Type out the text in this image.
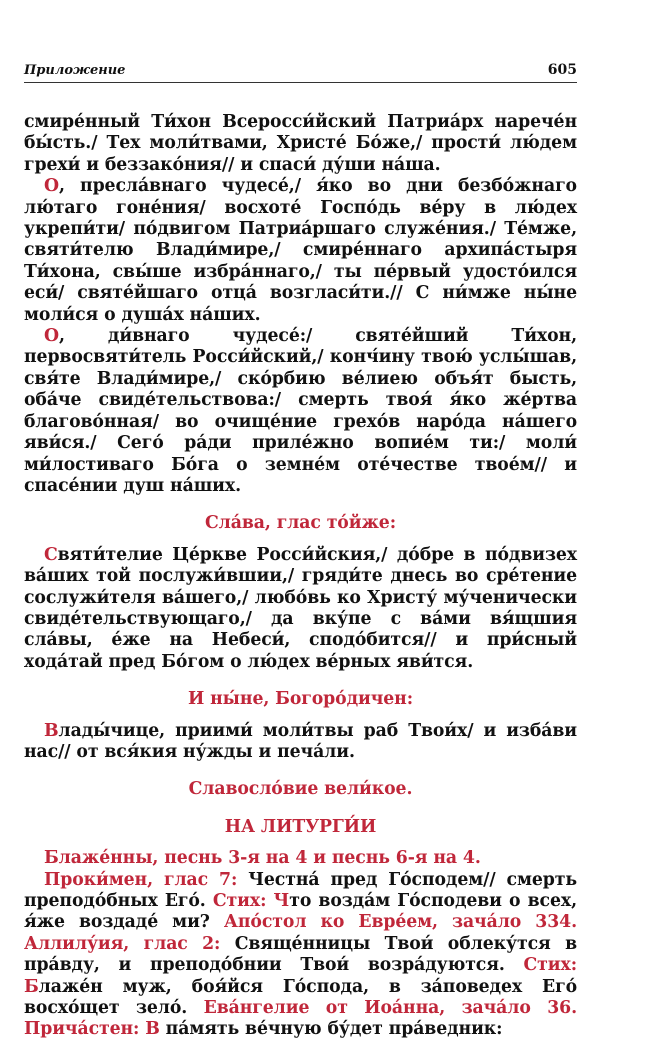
Приложение	605

смире́нный Ти́хон Всеросси́йский Патриа́рх нарече́н бы́сть./ Тех моли́твами, Христе́ Бо́же,/ прости́ лю́дем грехи́ и беззако́ния// и спаси́ ду́ши на́ша.

О, пресла́внаго чудесе́,/ я́ко во дни безбо́жнаго лю́таго гоне́ния/ восхоте́ Госпо́дь ве́ру в лю́дех укрепи́ти/ по́двигом Патриа́ршаго служе́ния./ Те́мже, святи́телю Влади́мире,/ смире́ннаго архипа́стыря Ти́хона, свы́ше избра́ннаго,/ ты пе́рвый удосто́ился еси́/ святе́йшаго отца́ возгласи́ти.// С ни́мже ны́не моли́ся о душа́х на́ших.

О, ди́внаго чудесе́:/ святе́йший Ти́хон, первосвяти́тель Росси́йский,/ конч́ину твою́ услы́шав, свя́те Влади́мире,/ ско́рбию ве́лиею объя́т бысть, оба́че свиде́тельствова:/ смерть твоя́ я́ко же́ртва благово́нная/ во очище́ние грехо́в наро́да на́шего яви́ся./ Сего́ ра́ди приле́жно вопие́м ти:/ моли́ ми́лостиваго Бо́га о земне́м оте́честве твое́м// и спасе́нии душ на́ших.

Сла́ва, глас то́йже:

Святи́телие Це́ркве Росси́йския,/ до́бре в по́двизех ва́ших той послужи́вшии,/ гряди́те днесь во сре́тение сослужи́теля ва́шего,/ любо́вь ко Христу́ му́ченически свиде́тельствующаго,/ да вку́пе с ва́ми вя́щшия сла́вы, е́же на Небеси́, сподо́бится// и при́сный хода́тай пред Бо́гом о лю́дех ве́рных яви́тся.

И ны́не, Богоро́дичен:

Влады́чице, приими́ моли́твы раб Твои́х/ и изба́ви нас// от вся́кия ну́жды и печа́ли.

Славосло́вие вели́кое.
НА ЛИТУРГИ́И

Блаже́нны, песнь 3-я на 4 и песнь 6-я на 4.

Проки́мен, глас 7: Честна́ пред Го́сподем// смерть преподо́бных Его́. Стих: Что возда́м Го́сподеви о всех, я́же воздаде́ ми? Апо́стол ко Евре́ем, зача́ло 334. Аллилу́ия, глас 2: Свяще́нницы Твои́ облеку́тся в пра́вду, и преподо́бнии Твои́ возра́дуются. Стих: Блаже́н муж, боя́йся Го́спода, в за́поведех Его́ восхо́щет зело́. Ева́нгелие от Иоа́нна, зача́ло 36. Прича́стен: В па́мять ве́чную бу́дет пра́ведник:
